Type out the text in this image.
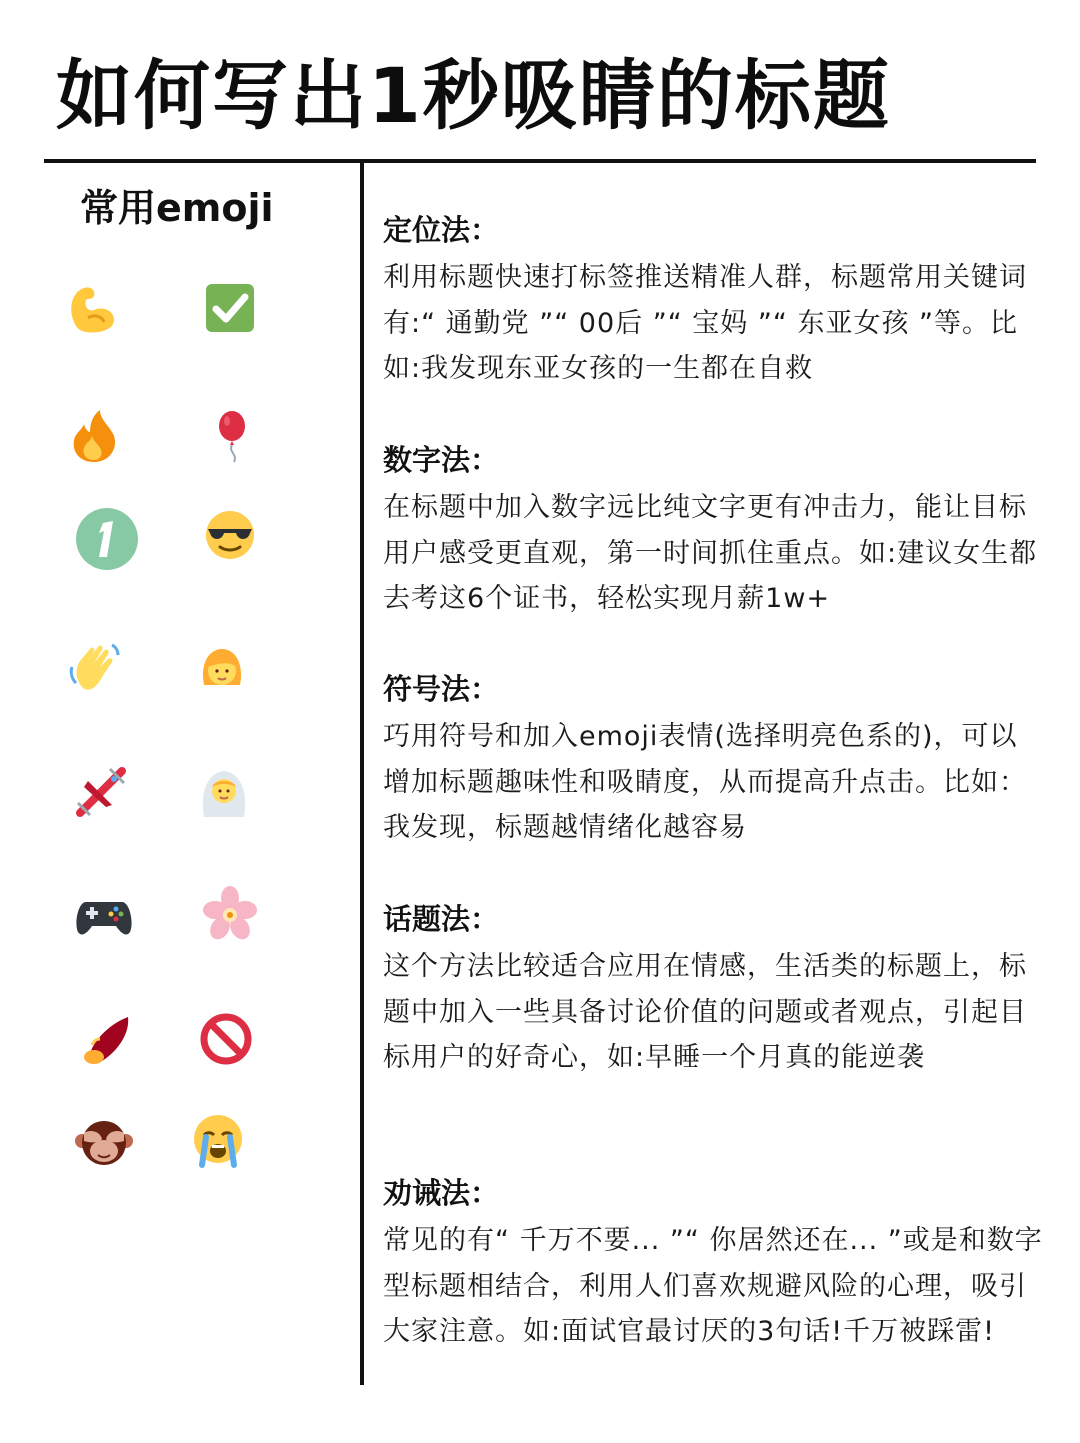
如何写出1秒吸睛的标题
常用emoji	定位法：

利用标题快速打标签推送精准人群，标题常用关键词有:“ 通勤党 ”“ 00后 ”“ 宝妈 ”“ 东亚女孩 ”等。比如:我发现东亚女孩的一生都在自救

数字法：

在标题中加入数字远比纯文字更有冲击力，能让目标用户感受更直观，第一时间抓住重点。如:建议女生都去考这6个证书，轻松实现月薪1w+

符号法：

巧用符号和加入emoji表情(选择明亮色系的)，可以增加标题趣味性和吸睛度，从而提高升点击。比如：我发现，标题越情绪化越容易

话题法：

这个方法比较适合应用在情感，生活类的标题上，标题中加入一些具备讨论价值的问题或者观点，引起目标用户的好奇心，如:早睡一个月真的能逆袭

劝诫法：

常见的有“ 千万不要... ”“ 你居然还在... ”或是和数字型标题相结合，利用人们喜欢规避风险的心理，吸引大家注意。如:面试官最讨厌的3句话!千万被踩雷!
